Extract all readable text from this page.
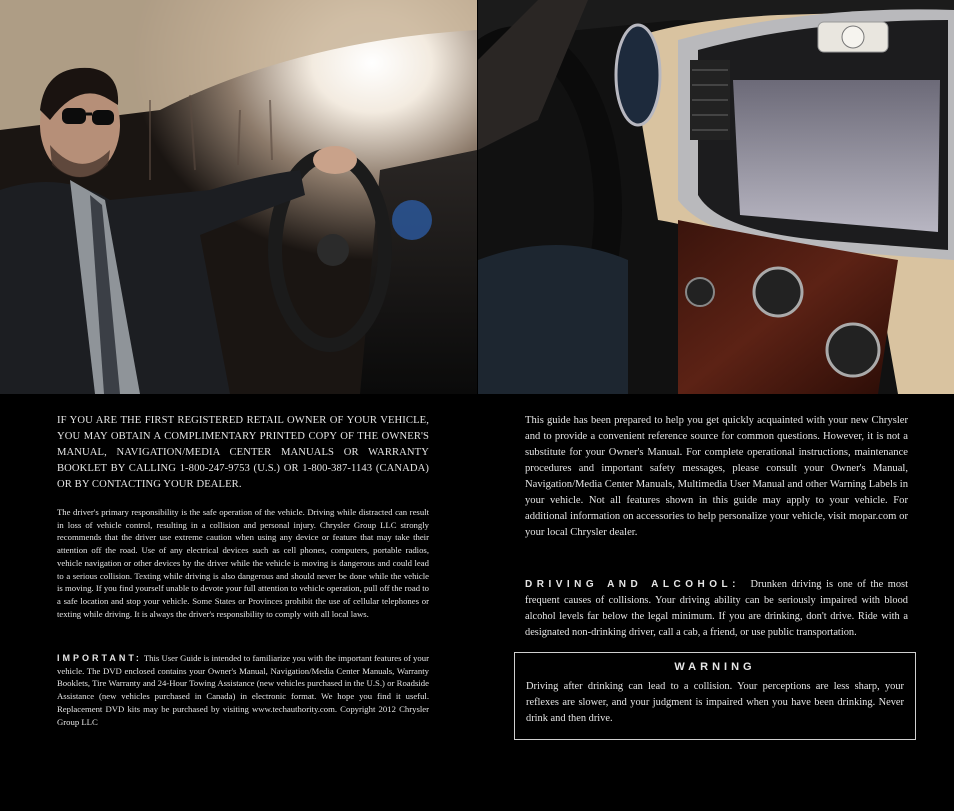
IF YOU ARE THE FIRST REGISTERED RETAIL OWNER OF YOUR VEHICLE, YOU MAY OBTAIN A COMPLIMENTARY PRINTED COPY OF THE OWNER'S MANUAL, NAVIGATION/MEDIA CENTER MANUALS OR WARRANTY BOOKLET BY CALLING 1-800-247-9753 (U.S.) OR 1-800-387-1143 (CANADA) OR BY CONTACTING YOUR DEALER.

The driver's primary responsibility is the safe operation of the vehicle. Driving while distracted can result in loss of vehicle control, resulting in a collision and personal injury. Chrysler Group LLC strongly recommends that the driver use extreme caution when using any device or feature that may take their attention off the road. Use of any electrical devices such as cell phones, computers, portable radios, vehicle navigation or other devices by the driver while the vehicle is moving is dangerous and could lead to a serious collision. Texting while driving is also dangerous and should never be done while the vehicle is moving. If you find yourself unable to devote your full attention to vehicle operation, pull off the road to a safe location and stop your vehicle. Some States or Provinces prohibit the use of cellular telephones or texting while driving. It is always the driver's responsibility to comply with all local laws.

IMPORTANT: This User Guide is intended to familiarize you with the important features of your vehicle. The DVD enclosed contains your Owner's Manual, Navigation/Media Center Manuals, Warranty Booklets, Tire Warranty and 24-Hour Towing Assistance (new vehicles purchased in the U.S.) or Roadside Assistance (new vehicles purchased in Canada) in electronic format. We hope you find it useful. Replacement DVD kits may be purchased by visiting www.techauthority.com. Copyright 2012 Chrysler Group LLC

This guide has been prepared to help you get quickly acquainted with your new Chrysler and to provide a convenient reference source for common questions. However, it is not a substitute for your Owner's Manual. For complete operational instructions, maintenance procedures and important safety messages, please consult your Owner's Manual, Navigation/Media Center Manuals, Multimedia User Manual and other Warning Labels in your vehicle. Not all features shown in this guide may apply to your vehicle. For additional information on accessories to help personalize your vehicle, visit mopar.com or your local Chrysler dealer.

DRIVING AND ALCOHOL: Drunken driving is one of the most frequent causes of collisions. Your driving ability can be seriously impaired with blood alcohol levels far below the legal minimum. If you are drinking, don't drive. Ride with a designated non-drinking driver, call a cab, a friend, or use public transportation.

WARNING

Driving after drinking can lead to a collision. Your perceptions are less sharp, your reflexes are slower, and your judgment is impaired when you have been drinking. Never drink and then drive.
